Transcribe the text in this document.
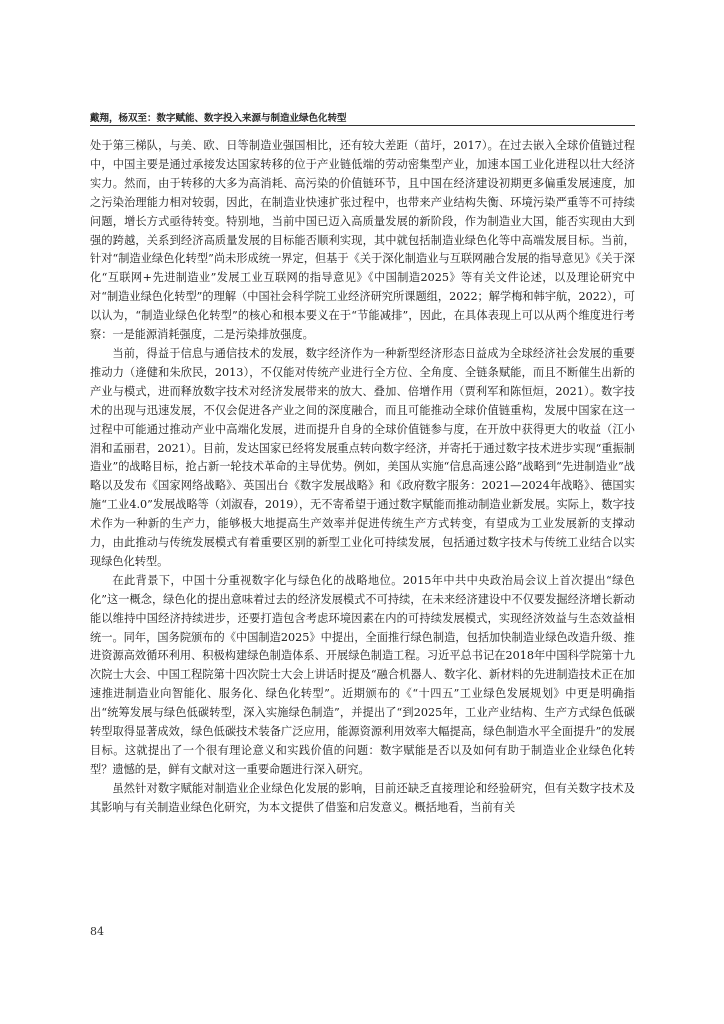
戴翔，杨双至：数字赋能、数字投入来源与制造业绿色化转型

处于第三梯队，与美、欧、日等制造业强国相比，还有较大差距（苗圩，2017）。在过去嵌入全球价值链过程中，中国主要是通过承接发达国家转移的位于产业链低端的劳动密集型产业，加速本国工业化进程以壮大经济实力。然而，由于转移的大多为高消耗、高污染的价值链环节，且中国在经济建设初期更多偏重发展速度，加之污染治理能力相对较弱，因此，在制造业快速扩张过程中，也带来产业结构失衡、环境污染严重等不可持续问题，增长方式亟待转变。特别地，当前中国已迈入高质量发展的新阶段，作为制造业大国，能否实现由大到强的跨越，关系到经济高质量发展的目标能否顺利实现，其中就包括制造业绿色化等中高端发展目标。当前，针对“制造业绿色化转型”尚未形成统一界定，但基于《关于深化制造业与互联网融合发展的指导意见》《关于深化“互联网+先进制造业”发展工业互联网的指导意见》《中国制造2025》等有关文件论述，以及理论研究中对“制造业绿色化转型”的理解（中国社会科学院工业经济研究所课题组，2022；解学梅和韩宇航，2022），可以认为，“制造业绿色化转型”的核心和根本要义在于“节能减排”，因此，在具体表现上可以从两个维度进行考察：一是能源消耗强度，二是污染排放强度。

当前，得益于信息与通信技术的发展，数字经济作为一种新型经济形态日益成为全球经济社会发展的重要推动力（逄健和朱欣民，2013），不仅能对传统产业进行全方位、全角度、全链条赋能，而且不断催生出新的产业与模式，进而释放数字技术对经济发展带来的放大、叠加、倍增作用（贾利军和陈恒烜，2021）。数字技术的出现与迅速发展，不仅会促进各产业之间的深度融合，而且可能推动全球价值链重构，发展中国家在这一过程中可能通过推动产业中高端化发展，进而提升自身的全球价值链参与度，在开放中获得更大的收益（江小涓和孟丽君，2021）。目前，发达国家已经将发展重点转向数字经济，并寄托于通过数字技术进步实现“重振制造业”的战略目标，抢占新一轮技术革命的主导优势。例如，美国从实施“信息高速公路”战略到“先进制造业”战略以及发布《国家网络战略》、英国出台《数字发展战略》和《政府数字服务：2021—2024年战略》、德国实施“工业4.0”发展战略等（刘淑春，2019），无不寄希望于通过数字赋能而推动制造业新发展。实际上，数字技术作为一种新的生产力，能够极大地提高生产效率并促进传统生产方式转变，有望成为工业发展新的支撑动力，由此推动与传统发展模式有着重要区别的新型工业化可持续发展，包括通过数字技术与传统工业结合以实现绿色化转型。

在此背景下，中国十分重视数字化与绿色化的战略地位。2015年中共中央政治局会议上首次提出“绿色化”这一概念，绿色化的提出意味着过去的经济发展模式不可持续，在未来经济建设中不仅要发掘经济增长新动能以维持中国经济持续进步，还要打造包含考虑环境因素在内的可持续发展模式，实现经济效益与生态效益相统一。同年，国务院颁布的《中国制造2025》中提出，全面推行绿色制造，包括加快制造业绿色改造升级、推进资源高效循环利用、积极构建绿色制造体系、开展绿色制造工程。习近平总书记在2018年中国科学院第十九次院士大会、中国工程院第十四次院士大会上讲话时提及“融合机器人、数字化、新材料的先进制造技术正在加速推进制造业向智能化、服务化、绿色化转型”。近期颁布的《“十四五”工业绿色发展规划》中更是明确指出“统筹发展与绿色低碳转型，深入实施绿色制造”，并提出了“到2025年，工业产业结构、生产方式绿色低碳转型取得显著成效，绿色低碳技术装备广泛应用，能源资源利用效率大幅提高，绿色制造水平全面提升”的发展目标。这就提出了一个很有理论意义和实践价值的问题：数字赋能是否以及如何有助于制造业企业绿色化转型？遗憾的是，鲜有文献对这一重要命题进行深入研究。

虽然针对数字赋能对制造业企业绿色化发展的影响，目前还缺乏直接理论和经验研究，但有关数字技术及其影响与有关制造业绿色化研究，为本文提供了借鉴和启发意义。概括地看，当前有关

84
